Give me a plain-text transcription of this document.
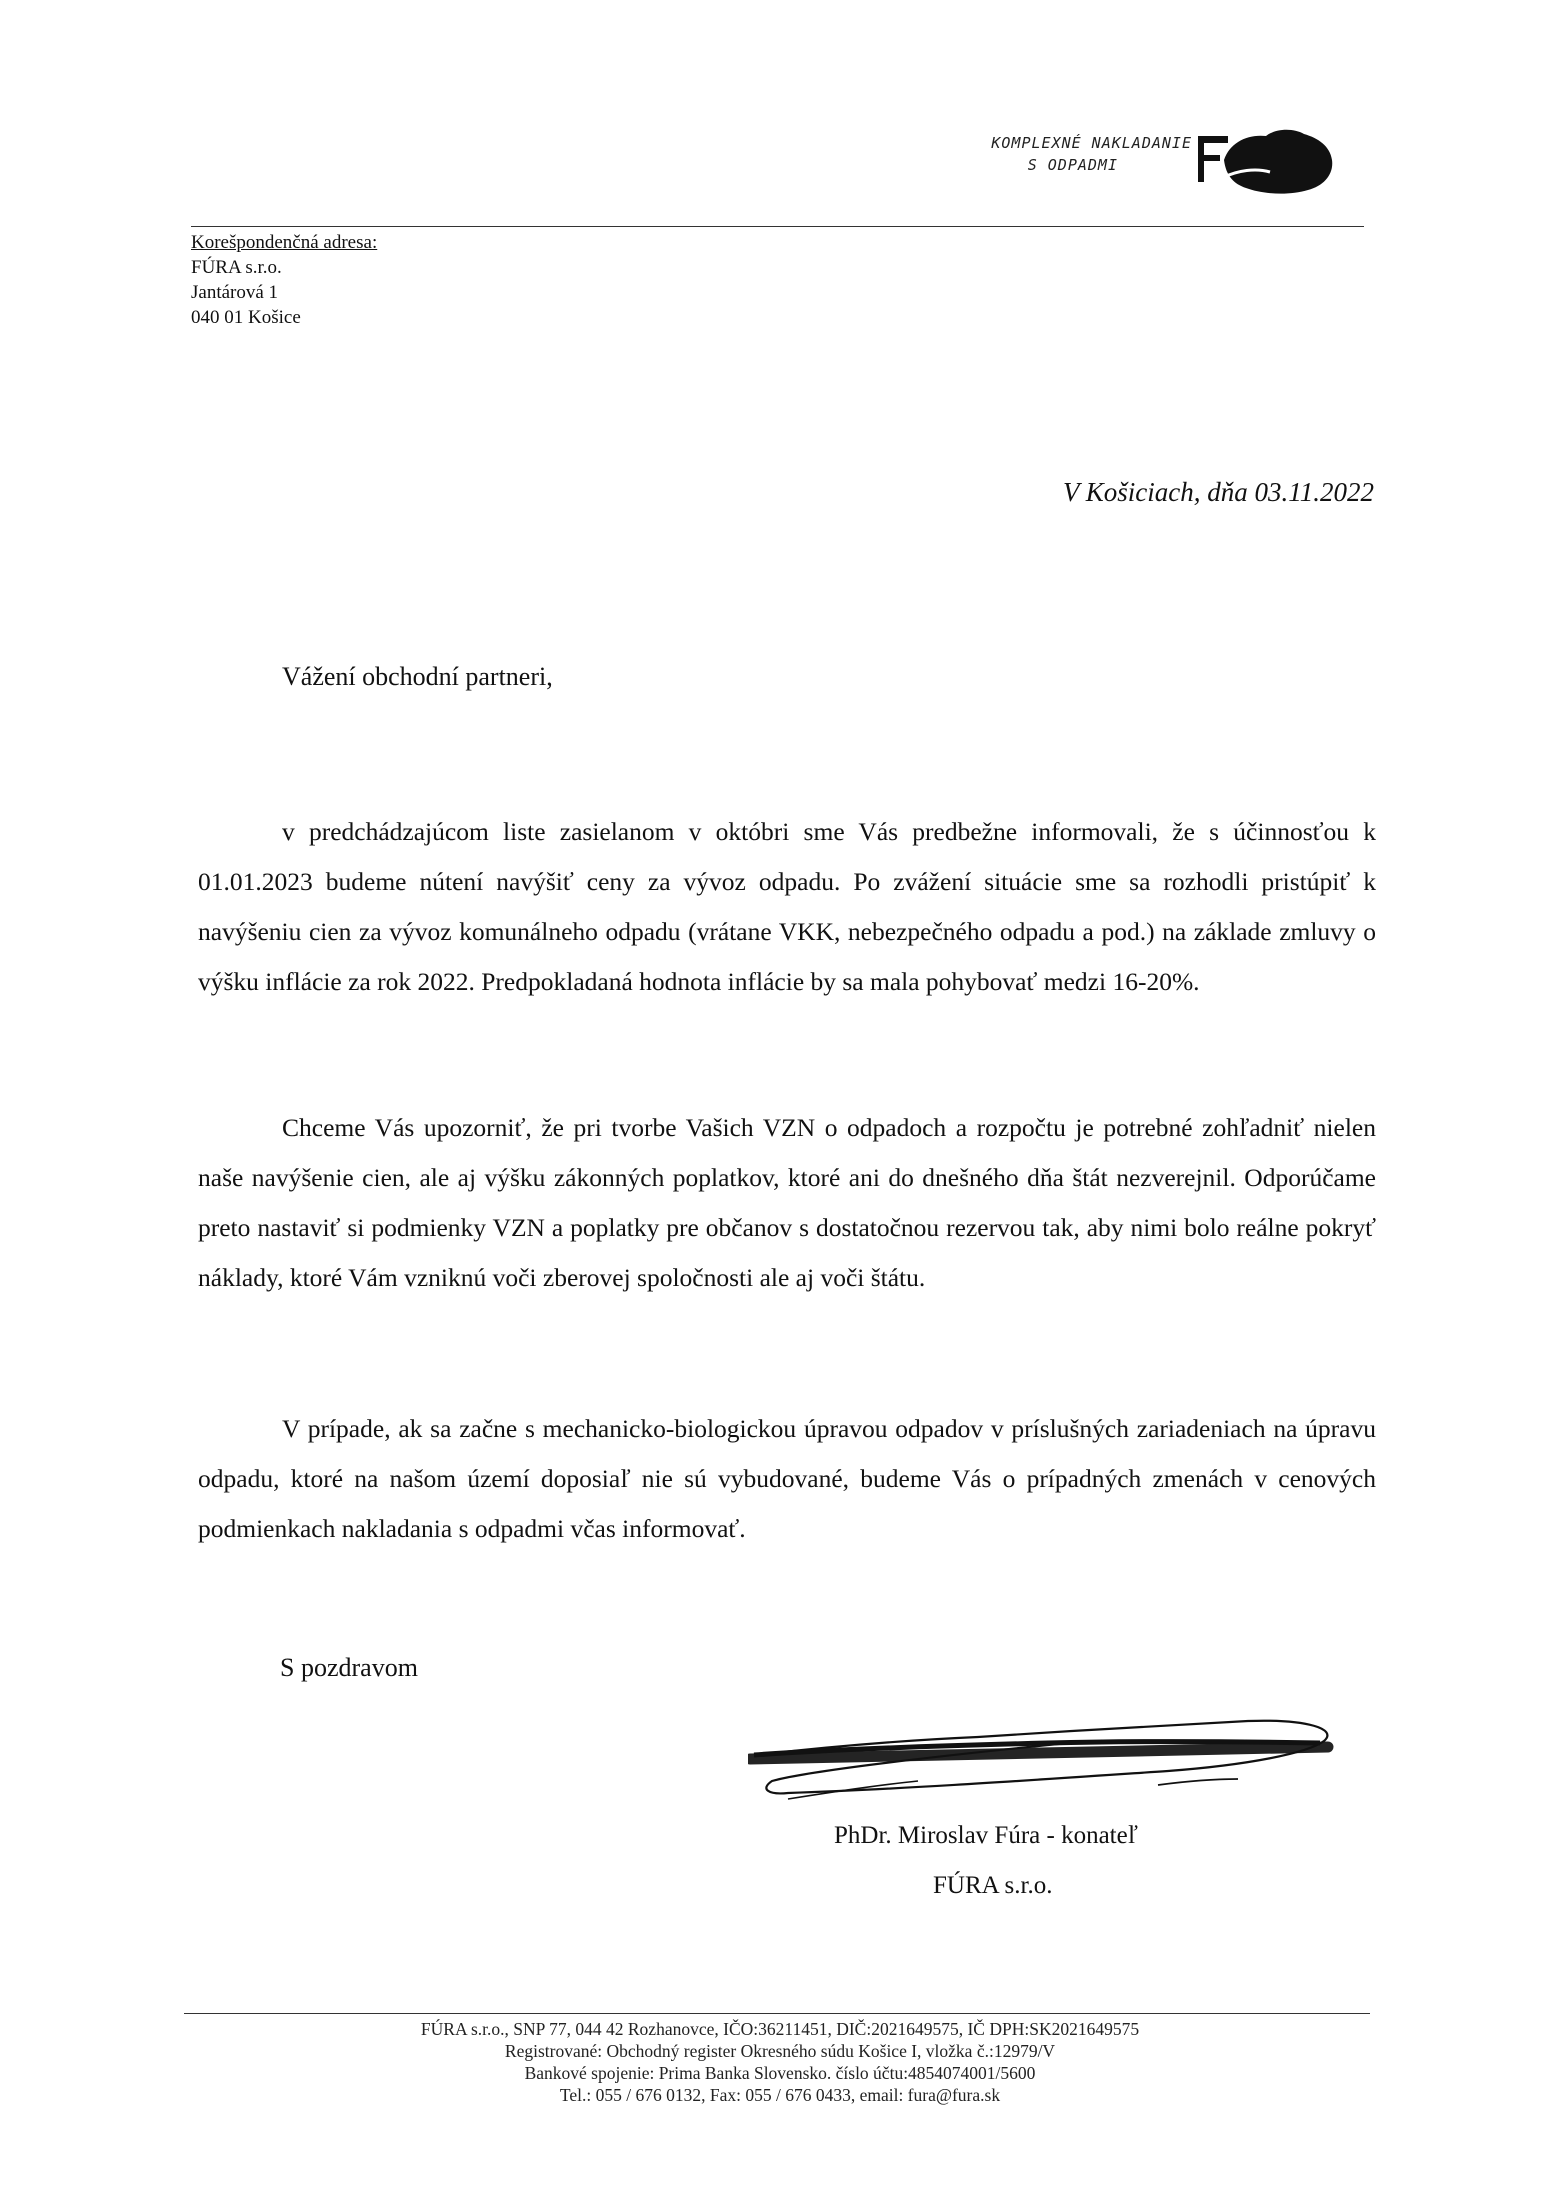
KOMPLEXNÉ NAKLADANIE
S ODPADMI
Korešpondenčná adresa:
FÚRA s.r.o.
Jantárová 1
040 01 Košice
V Košiciach, dňa 03.11.2022
Vážení obchodní partneri,
v predchádzajúcom liste zasielanom v októbri sme Vás predbežne informovali, že s účinnosťou k 01.01.2023 budeme nútení navýšiť ceny za vývoz odpadu. Po zvážení situácie sme sa rozhodli pristúpiť k navýšeniu cien za vývoz komunálneho odpadu (vrátane VKK, nebezpečného odpadu a pod.) na základe zmluvy o výšku inflácie za rok 2022. Predpokladaná hodnota inflácie by sa mala pohybovať medzi 16-20%.
Chceme Vás upozorniť, že pri tvorbe Vašich VZN o odpadoch a rozpočtu je potrebné zohľadniť nielen naše navýšenie cien, ale aj výšku zákonných poplatkov, ktoré ani do dnešného dňa štát nezverejnil. Odporúčame preto nastaviť si podmienky VZN a poplatky pre občanov s dostatočnou rezervou tak, aby nimi bolo reálne pokryť náklady, ktoré Vám vzniknú voči zberovej spoločnosti ale aj voči štátu.
V prípade, ak sa začne s mechanicko-biologickou úpravou odpadov v príslušných zariadeniach na úpravu odpadu, ktoré na našom území doposiaľ nie sú vybudované, budeme Vás o prípadných zmenách v cenových podmienkach nakladania s odpadmi včas informovať.
S pozdravom
PhDr. Miroslav Fúra - konateľ
FÚRA s.r.o.
FÚRA s.r.o., SNP 77, 044 42 Rozhanovce, IČO:36211451, DIČ:2021649575, IČ DPH:SK2021649575
Registrované: Obchodný register Okresného súdu Košice I, vložka č.:12979/V
Bankové spojenie: Prima Banka Slovensko. číslo účtu:4854074001/5600
Tel.: 055 / 676 0132, Fax: 055 / 676 0433, email: fura@fura.sk
